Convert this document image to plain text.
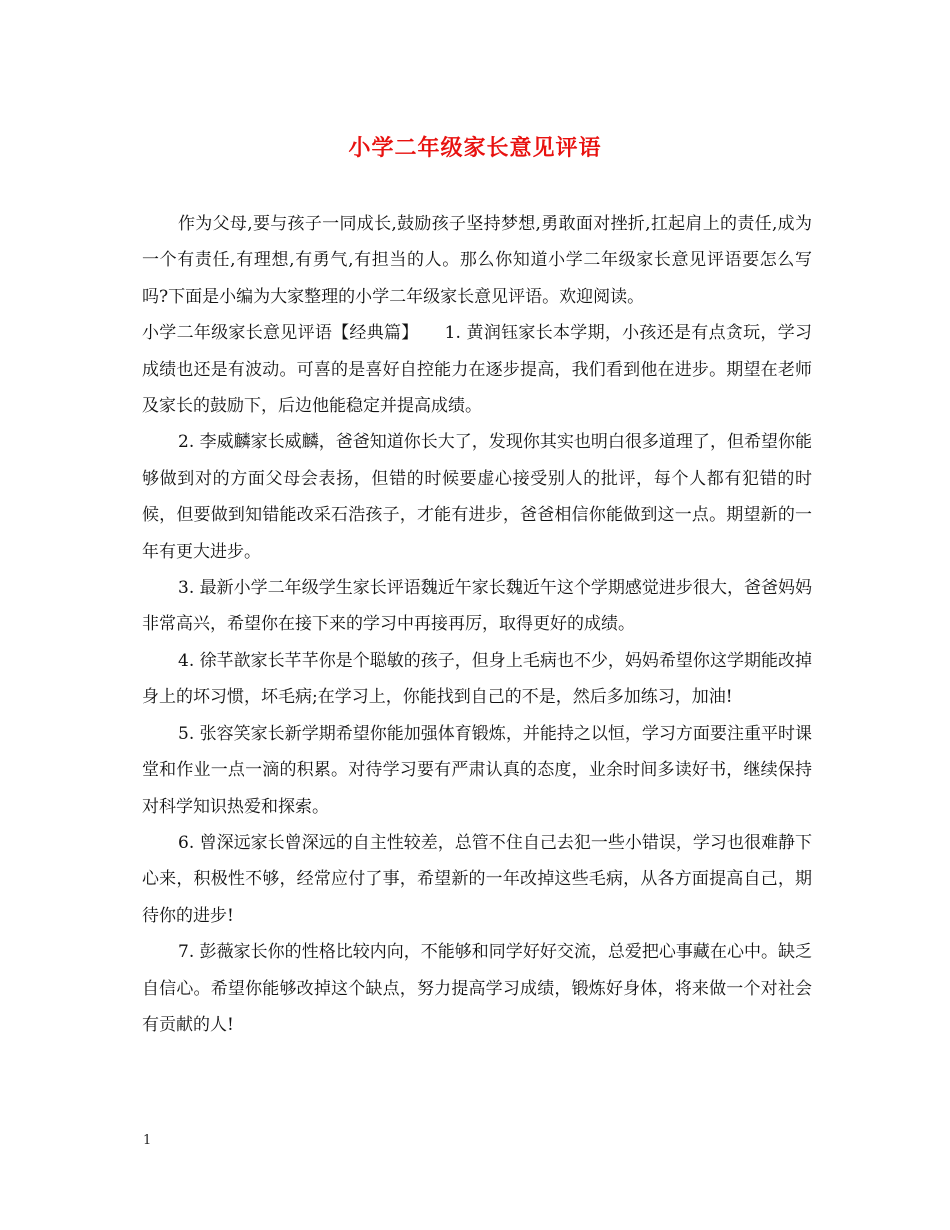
小学二年级家长意见评语

作为父母,要与孩子一同成长,鼓励孩子坚持梦想,勇敢面对挫折,扛起肩上的责任,成为一个有责任,有理想,有勇气,有担当的人。那么你知道小学二年级家长意见评语要怎么写吗?下面是小编为大家整理的小学二年级家长意见评语。欢迎阅读。

小学二年级家长意见评语【经典篇】　　1. 黄润钰家长本学期，小孩还是有点贪玩，学习成绩也还是有波动。可喜的是喜好自控能力在逐步提高，我们看到他在进步。期望在老师及家长的鼓励下，后边他能稳定并提高成绩。

2. 李威麟家长威麟，爸爸知道你长大了，发现你其实也明白很多道理了，但希望你能够做到对的方面父母会表扬，但错的时候要虚心接受别人的批评，每个人都有犯错的时候，但要做到知错能改采石浩孩子，才能有进步，爸爸相信你能做到这一点。期望新的一年有更大进步。

3. 最新小学二年级学生家长评语魏近午家长魏近午这个学期感觉进步很大，爸爸妈妈非常高兴，希望你在接下来的学习中再接再厉，取得更好的成绩。

4. 徐芊歆家长芊芊你是个聪敏的孩子，但身上毛病也不少，妈妈希望你这学期能改掉身上的坏习惯，坏毛病;在学习上，你能找到自己的不是，然后多加练习，加油!

5. 张容笑家长新学期希望你能加强体育锻炼，并能持之以恒，学习方面要注重平时课堂和作业一点一滴的积累。对待学习要有严肃认真的态度，业余时间多读好书，继续保持对科学知识热爱和探索。

6. 曾深远家长曾深远的自主性较差，总管不住自己去犯一些小错误，学习也很难静下心来，积极性不够，经常应付了事，希望新的一年改掉这些毛病，从各方面提高自己，期待你的进步!

7. 彭薇家长你的性格比较内向，不能够和同学好好交流，总爱把心事藏在心中。缺乏自信心。希望你能够改掉这个缺点，努力提高学习成绩，锻炼好身体，将来做一个对社会有贡献的人!

1
